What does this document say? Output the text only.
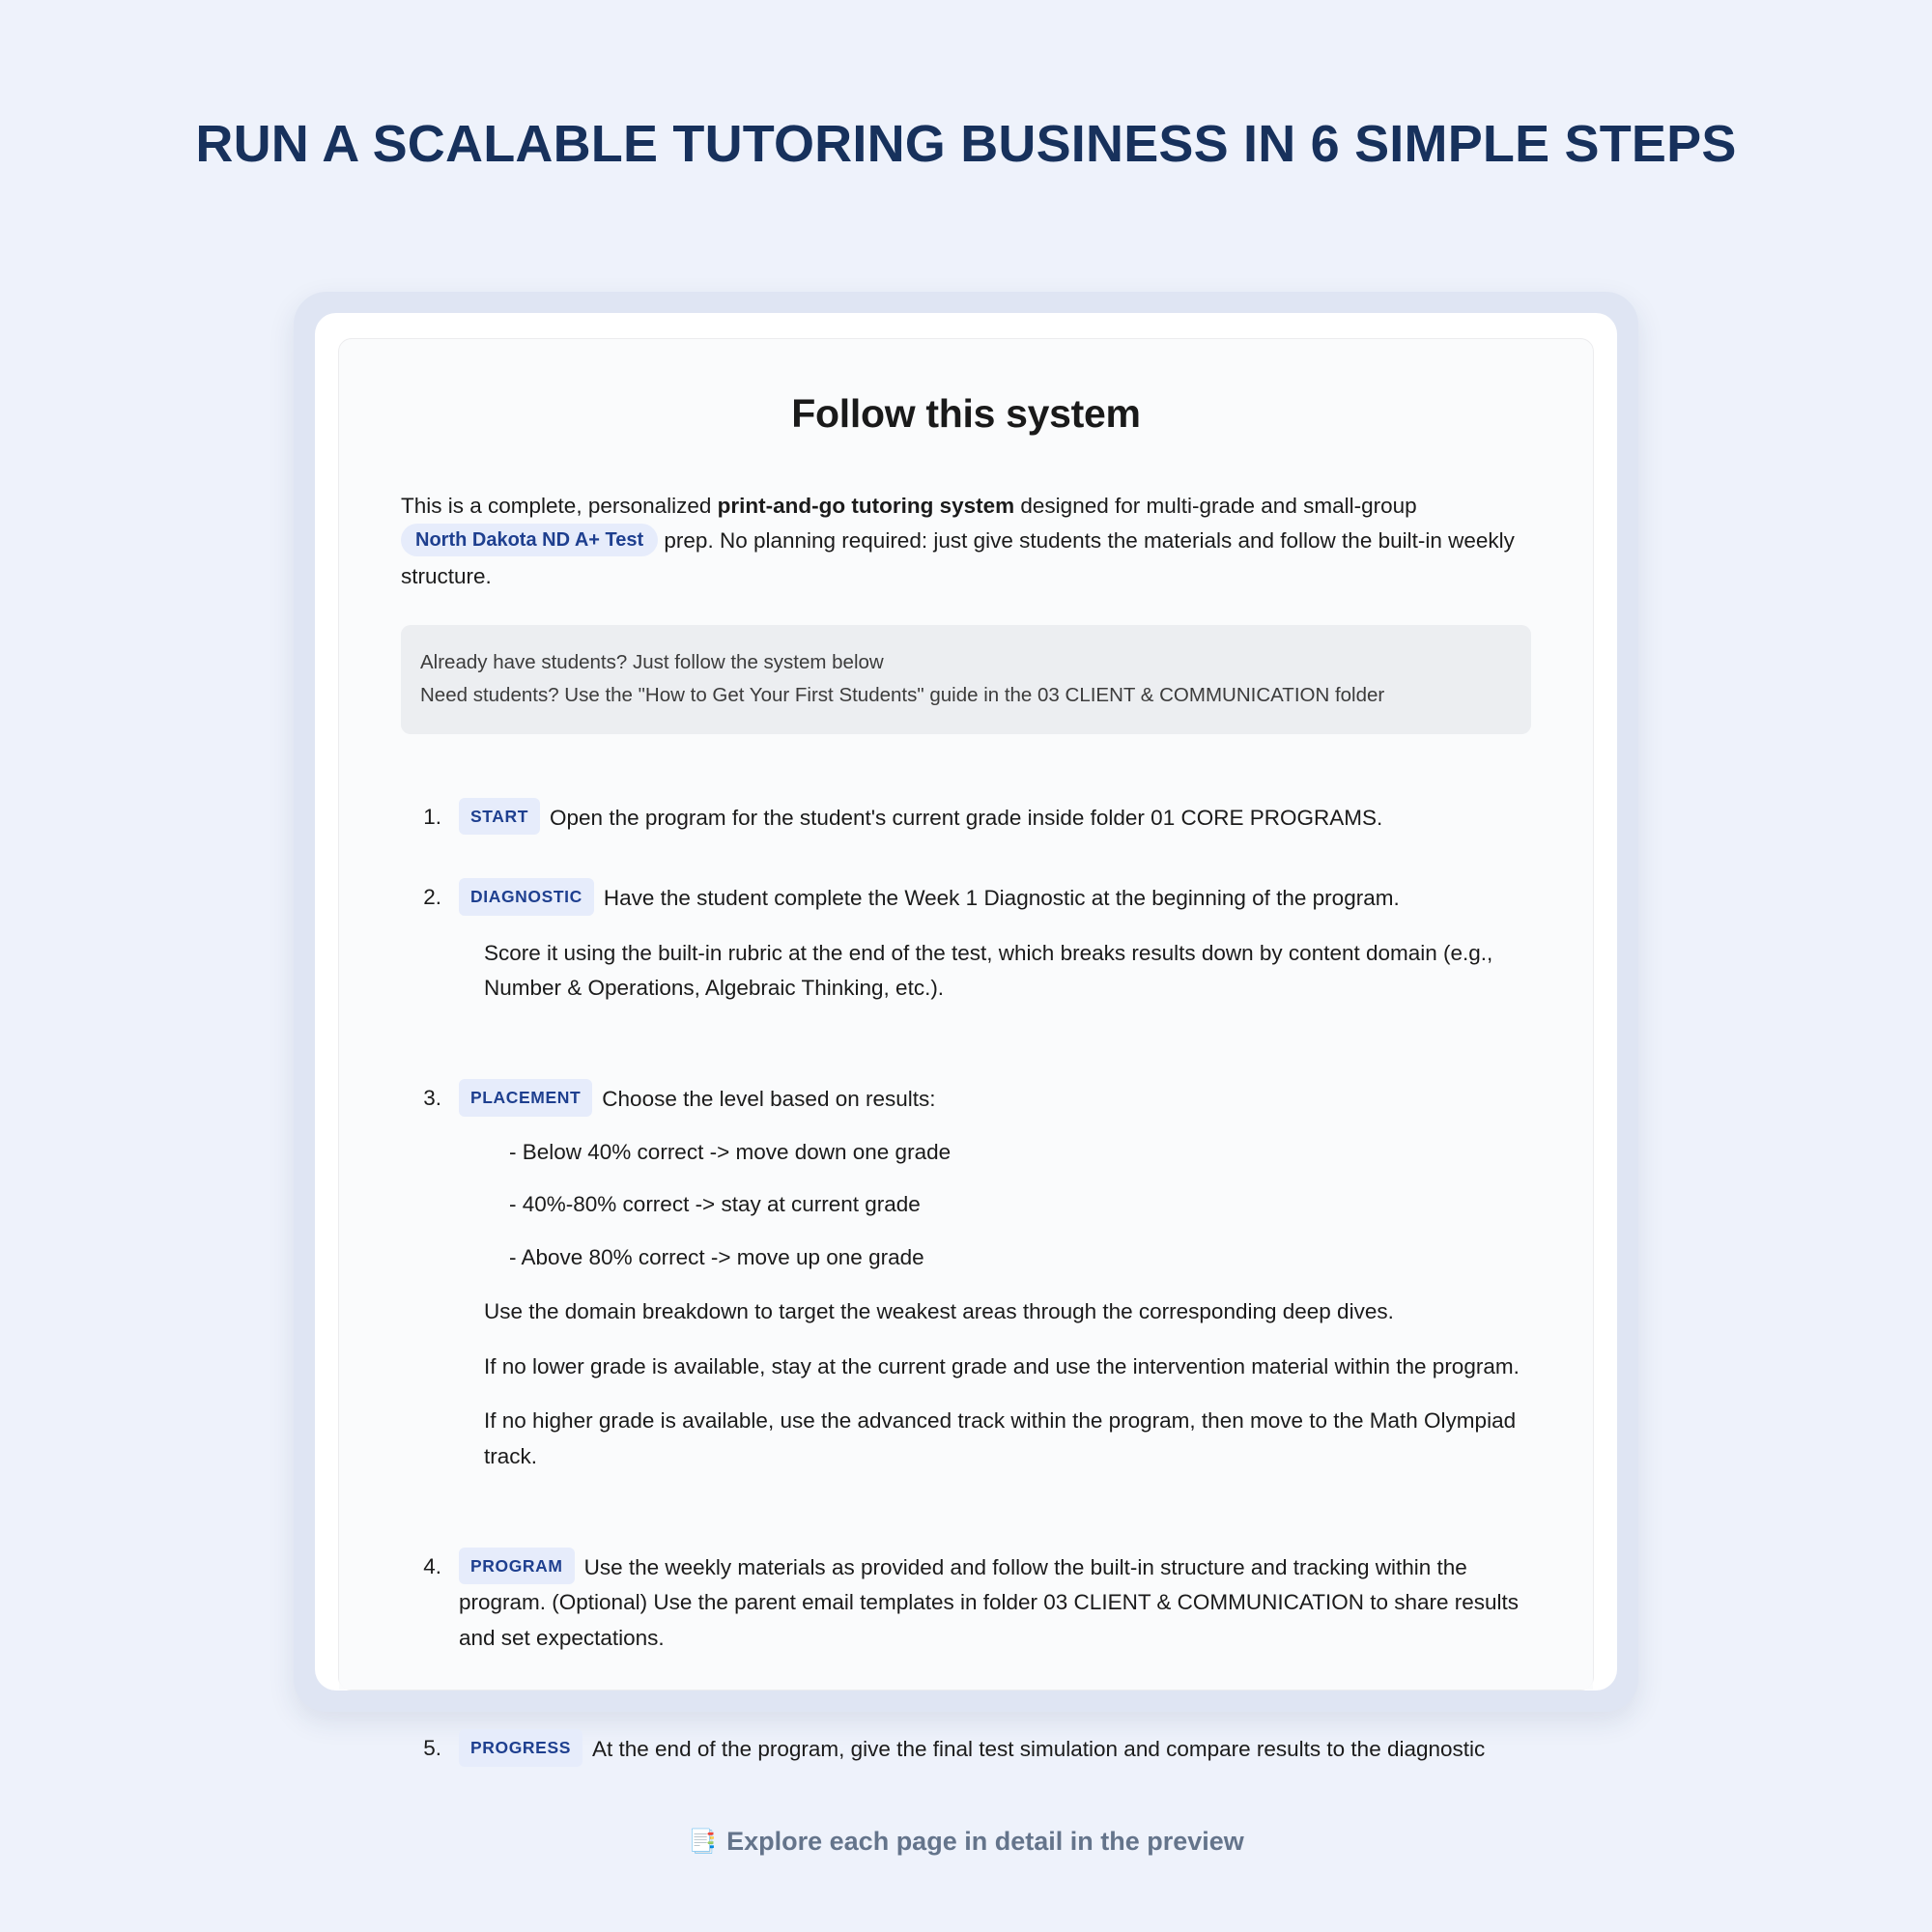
RUN A SCALABLE TUTORING BUSINESS IN 6 SIMPLE STEPS
Follow this system
This is a complete, personalized print-and-go tutoring system designed for multi-grade and small-group North Dakota ND A+ Test prep. No planning required: just give students the materials and follow the built-in weekly structure.
Already have students? Just follow the system below
Need students? Use the "How to Get Your First Students" guide in the 03 CLIENT & COMMUNICATION folder
1.	START Open the program for the student's current grade inside folder 01 CORE PROGRAMS.
2.	DIAGNOSTIC Have the student complete the Week 1 Diagnostic at the beginning of the program.
Score it using the built-in rubric at the end of the test, which breaks results down by content domain (e.g., Number & Operations, Algebraic Thinking, etc.).
3.	PLACEMENT Choose the level based on results:
- Below 40% correct -> move down one grade
- 40%-80% correct -> stay at current grade
- Above 80% correct -> move up one grade
Use the domain breakdown to target the weakest areas through the corresponding deep dives.
If no lower grade is available, stay at the current grade and use the intervention material within the program.
If no higher grade is available, use the advanced track within the program, then move to the Math Olympiad track.
4.	PROGRAM Use the weekly materials as provided and follow the built-in structure and tracking within the program. (Optional) Use the parent email templates in folder 03 CLIENT & COMMUNICATION to share results and set expectations.
5.	PROGRESS At the end of the program, give the final test simulation and compare results to the diagnostic
📑 Explore each page in detail in the preview
